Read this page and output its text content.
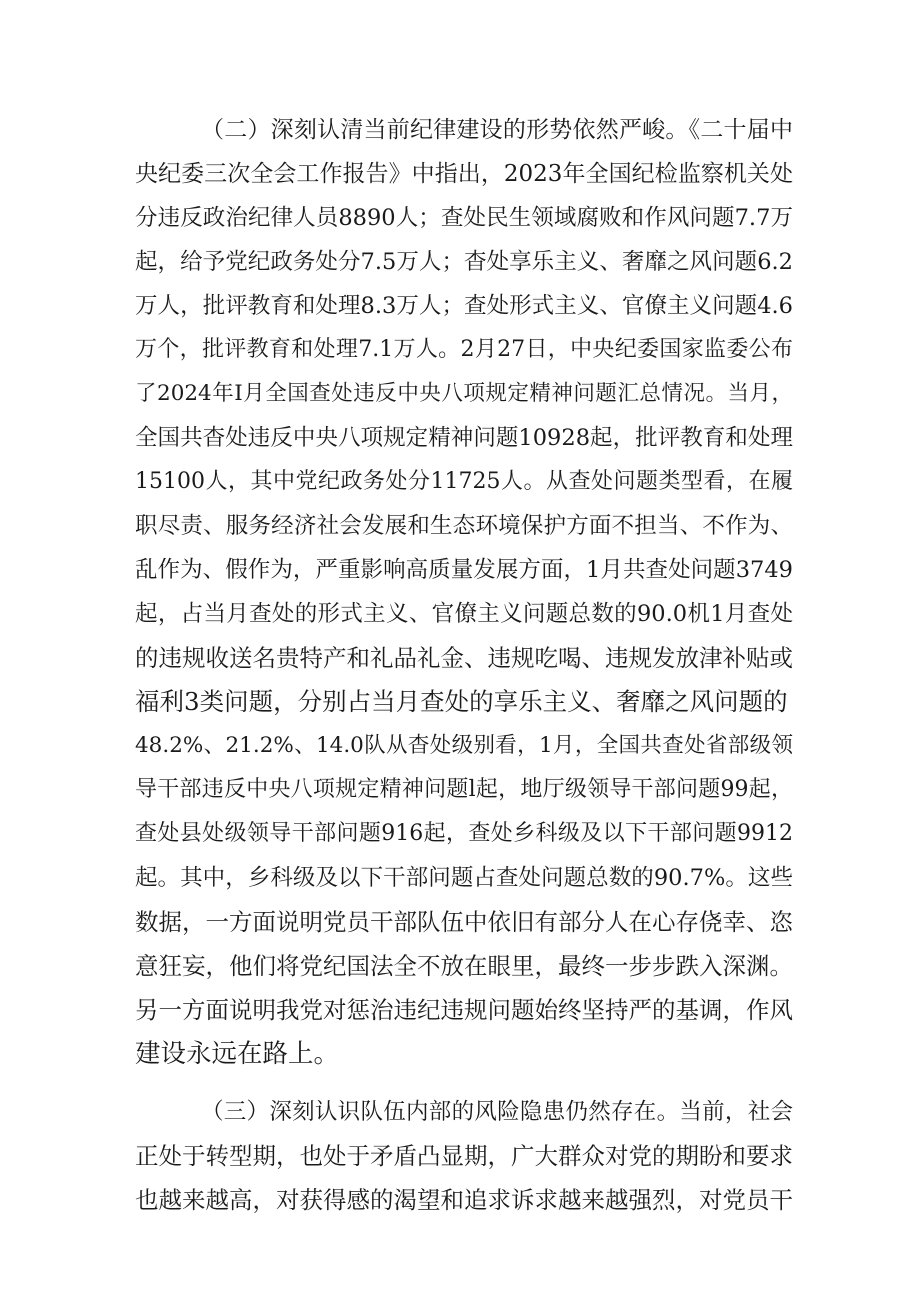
（二）深刻认清当前纪律建设的形势依然严峻。《二十届中
央纪委三次全会工作报告》中指出，2023年全国纪检监察机关处
分违反政治纪律人员8890人；查处民生领域腐败和作风问题7.7万
起，给予党纪政务处分7.5万人；杳处享乐主义、奢靡之风问题6.2
万人，批评教育和处理8.3万人；查处形式主义、官僚主义问题4.6
万个，批评教育和处理7.1万人。2月27日，中央纪委国家监委公布
了2024年I月全国查处违反中央八项规定精神问题汇总情况。当月，
全国共杳处违反中央八项规定精神问题10928起，批评教育和处理
15100人，其中党纪政务处分11725人。从查处问题类型看，在履
职尽责、服务经济社会发展和生态环境保护方面不担当、不作为、
乱作为、假作为，严重影响高质量发展方面，1月共查处问题3749
起，占当月查处的形式主义、官僚主义问题总数的90.0机1月查处
的违规收送名贵特产和礼品礼金、违规吃喝、违规发放津补贴或
福利3类问题，分别占当月查处的享乐主义、奢靡之风问题的
48.2%、21.2%、14.0队从杳处级别看，1月，全国共查处省部级领
导干部违反中央八项规定精神问题l起，地厅级领导干部问题99起，
查处县处级领导干部问题916起，查处乡科级及以下干部问题9912
起。其中，乡科级及以下干部问题占查处问题总数的90.7%。这些
数据，一方面说明党员干部队伍中依旧有部分人在心存侥幸、恣
意狂妄，他们将党纪国法全不放在眼里，最终一步步跌入深渊。
另一方面说明我党对惩治违纪违规问题始终坚持严的基调，作风
建设永远在路上。
（三）深刻认识队伍内部的风险隐患仍然存在。当前，社会
正处于转型期，也处于矛盾凸显期，广大群众对党的期盼和要求
也越来越高，对获得感的渴望和追求诉求越来越强烈，对党员干
